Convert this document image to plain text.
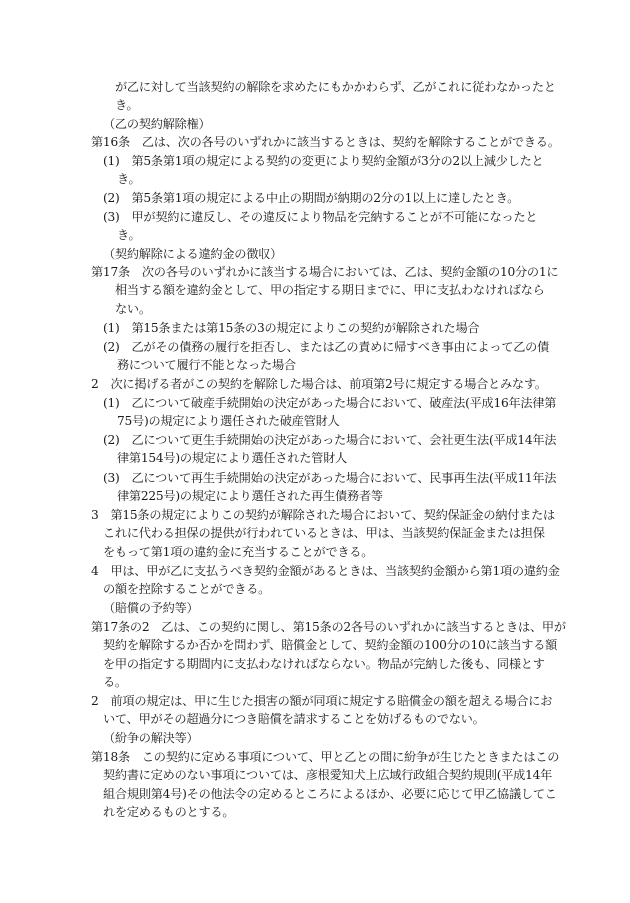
が乙に対して当該契約の解除を求めたにもかかわらず、乙がこれに従わなかったと
き。
（乙の契約解除権）
第16条　乙は、次の各号のいずれかに該当するときは、契約を解除することができる。
(1)　第5条第1項の規定による契約の変更により契約金額が3分の2以上減少したと
き。
(2)　第5条第1項の規定による中止の期間が納期の2分の1以上に達したとき。
(3)　甲が契約に違反し、その違反により物品を完納することが不可能になったと
き。
（契約解除による違約金の徴収）
第17条　次の各号のいずれかに該当する場合においては、乙は、契約金額の10分の1に
相当する額を違約金として、甲の指定する期日までに、甲に支払わなければなら
ない。
(1)　第15条または第15条の3の規定によりこの契約が解除された場合
(2)　乙がその債務の履行を拒否し、または乙の責めに帰すべき事由によって乙の債
務について履行不能となった場合
2　次に掲げる者がこの契約を解除した場合は、前項第2号に規定する場合とみなす。
(1)　乙について破産手続開始の決定があった場合において、破産法(平成16年法律第
75号)の規定により選任された破産管財人
(2)　乙について更生手続開始の決定があった場合において、会社更生法(平成14年法
律第154号)の規定により選任された管財人
(3)　乙について再生手続開始の決定があった場合において、民事再生法(平成11年法
律第225号)の規定により選任された再生債務者等
3　第15条の規定によりこの契約が解除された場合において、契約保証金の納付または
これに代わる担保の提供が行われているときは、甲は、当該契約保証金または担保
をもって第1項の違約金に充当することができる。
4　甲は、甲が乙に支払うべき契約金額があるときは、当該契約金額から第1項の違約金
の額を控除することができる。
（賠償の予約等）
第17条の2　乙は、この契約に関し、第15条の2各号のいずれかに該当するときは、甲が
契約を解除するか否かを問わず、賠償金として、契約金額の100分の10に該当する額
を甲の指定する期間内に支払わなければならない。物品が完納した後も、同様とす
る。
2　前項の規定は、甲に生じた損害の額が同項に規定する賠償金の額を超える場合にお
いて、甲がその超過分につき賠償を請求することを妨げるものでない。
（紛争の解決等）
第18条　この契約に定める事項について、甲と乙との間に紛争が生じたときまたはこの
契約書に定めのない事項については、彦根愛知犬上広域行政組合契約規則(平成14年
組合規則第4号)その他法令の定めるところによるほか、必要に応じて甲乙協議してこ
れを定めるものとする。
